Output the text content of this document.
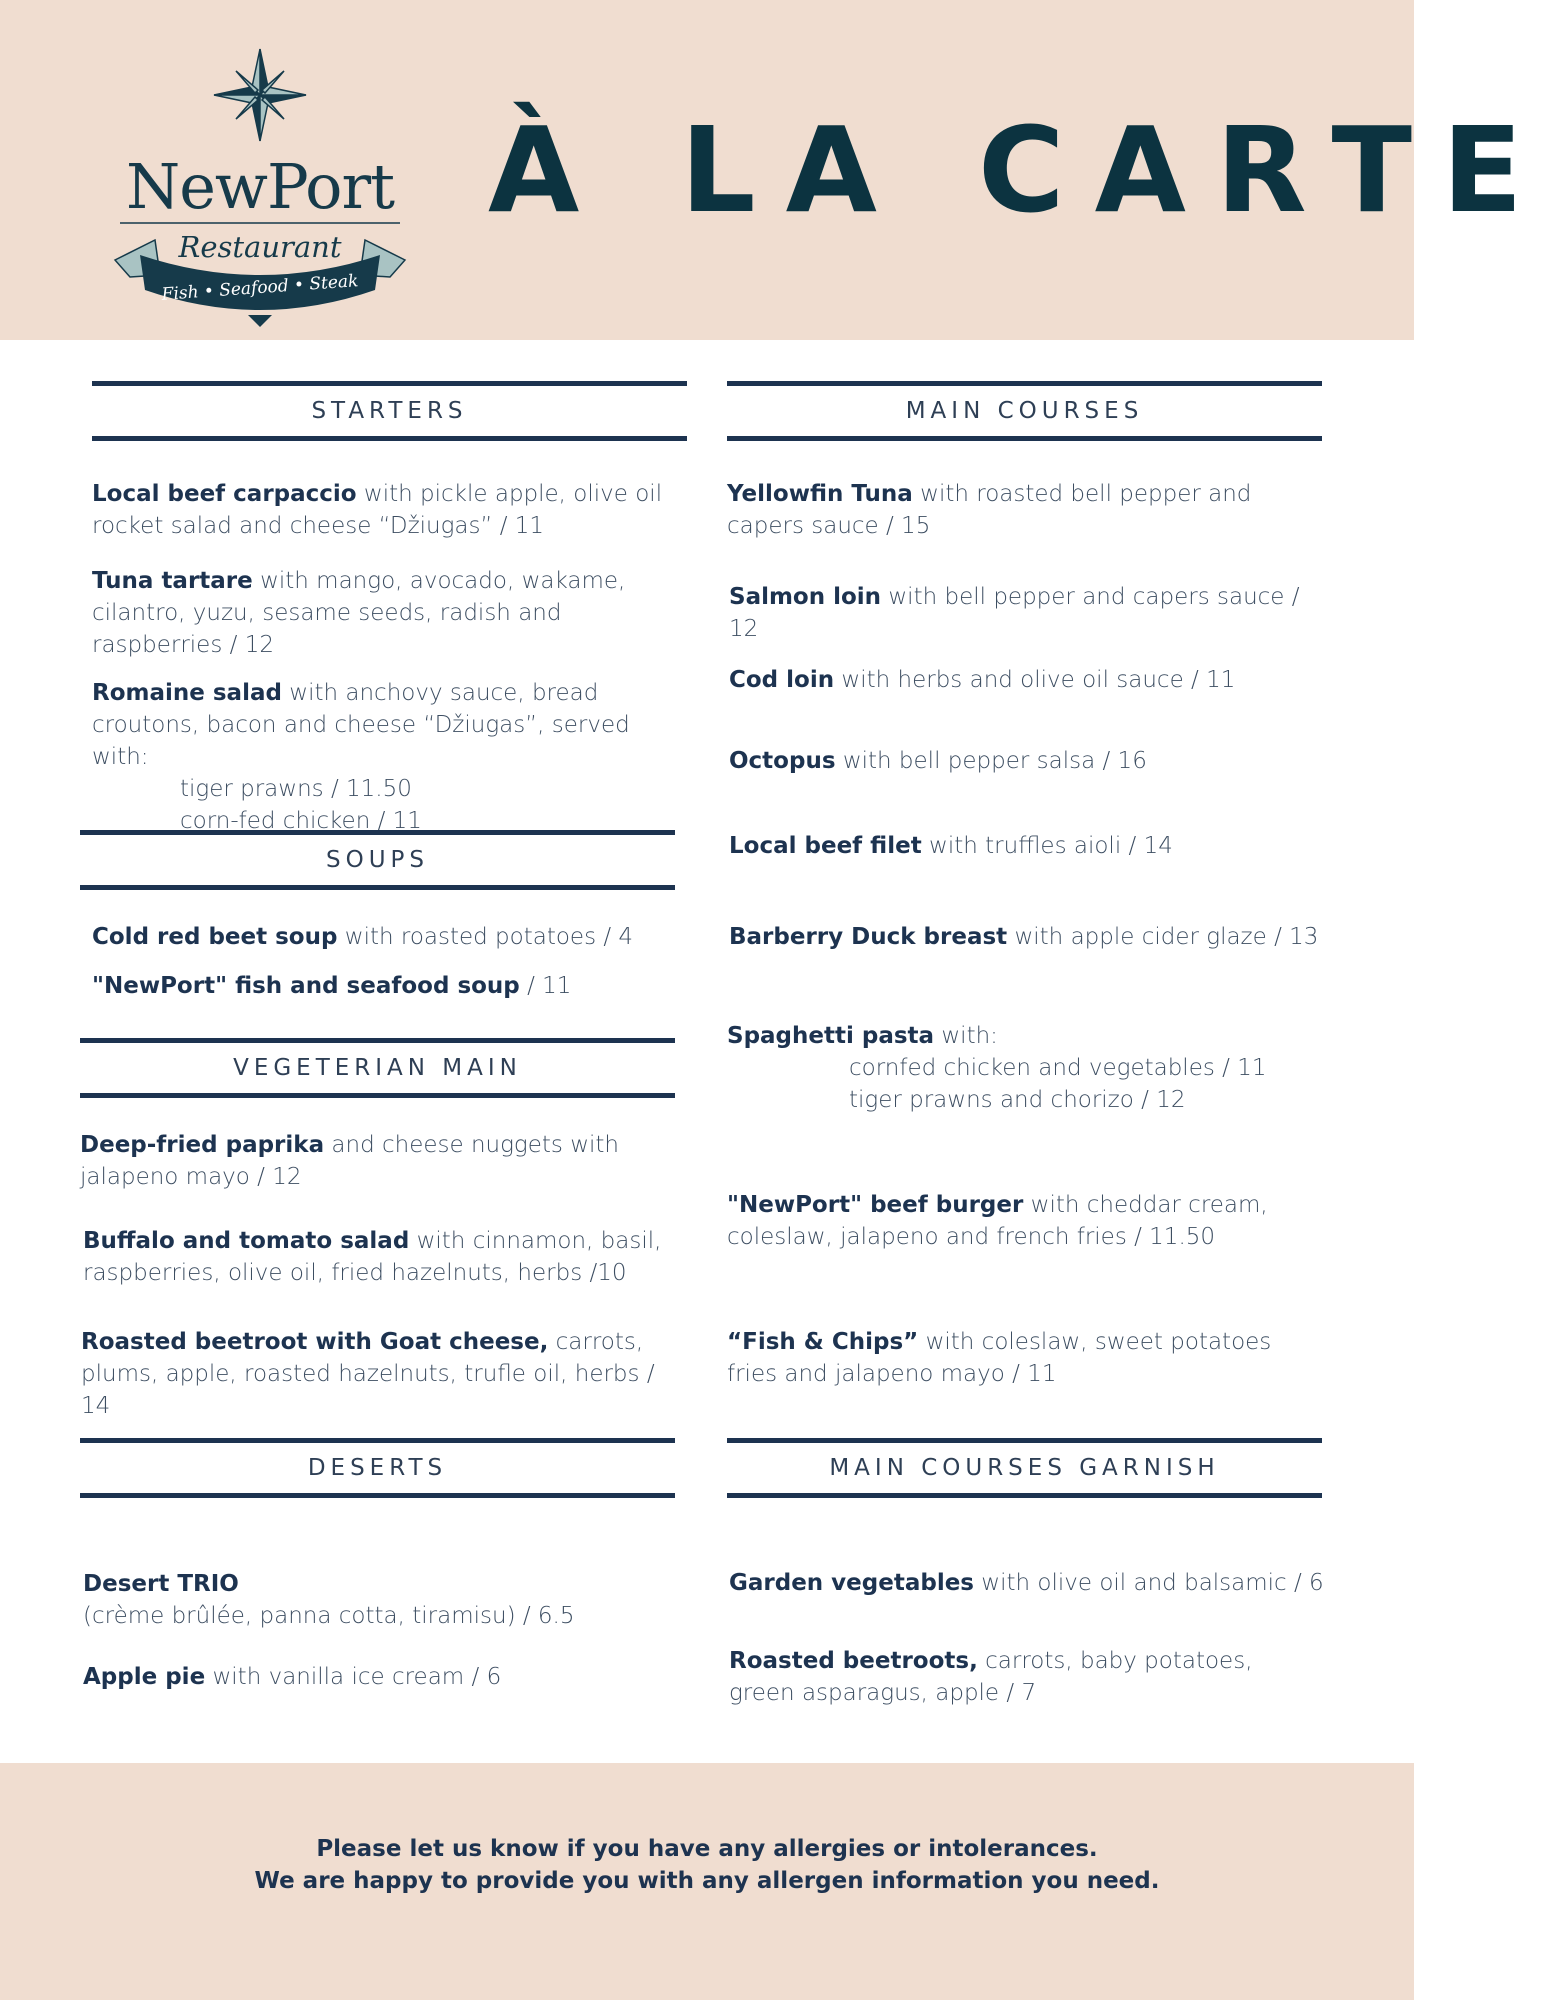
NewPort
Restaurant
Fish • Seafood • Steak
À LA CARTE
STARTERS
Local beef carpaccio with pickle apple, olive oil rocket salad and cheese “Džiugas” / 11
Tuna tartare with mango, avocado, wakame, cilantro, yuzu, sesame seeds, radish and raspberries / 12
Romaine salad with anchovy sauce, bread croutons, bacon and cheese “Džiugas”, served with:
tiger prawns / 11.50
corn-fed chicken / 11
SOUPS
Cold red beet soup with roasted potatoes / 4
"NewPort" fish and seafood soup / 11
VEGETERIAN MAIN
Deep-fried paprika and cheese nuggets with jalapeno mayo / 12
Buffalo and tomato salad with cinnamon, basil, raspberries, olive oil, fried hazelnuts, herbs /10
Roasted beetroot with Goat cheese, carrots, plums, apple, roasted hazelnuts, trufle oil, herbs / 14
DESERTS
Desert TRIO
(crème brûlée, panna cotta, tiramisu) / 6.5
Apple pie with vanilla ice cream / 6
MAIN COURSES
Yellowfin Tuna with roasted bell pepper and capers sauce / 15
Salmon loin with bell pepper and capers sauce / 12
Cod loin with herbs and olive oil sauce / 11
Octopus with bell pepper salsa / 16
Local beef filet with truffles aioli / 14
Barberry Duck breast with apple cider glaze / 13
Spaghetti pasta with:
cornfed chicken and vegetables / 11
tiger prawns and chorizo / 12
"NewPort" beef burger with cheddar cream, coleslaw, jalapeno and french fries / 11.50
“Fish & Chips” with coleslaw, sweet potatoes fries and jalapeno mayo / 11
MAIN COURSES GARNISH
Garden vegetables with olive oil and balsamic / 6
Roasted beetroots, carrots, baby potatoes, green asparagus, apple / 7
Please let us know if you have any allergies or intolerances.
We are happy to provide you with any allergen information you need.
